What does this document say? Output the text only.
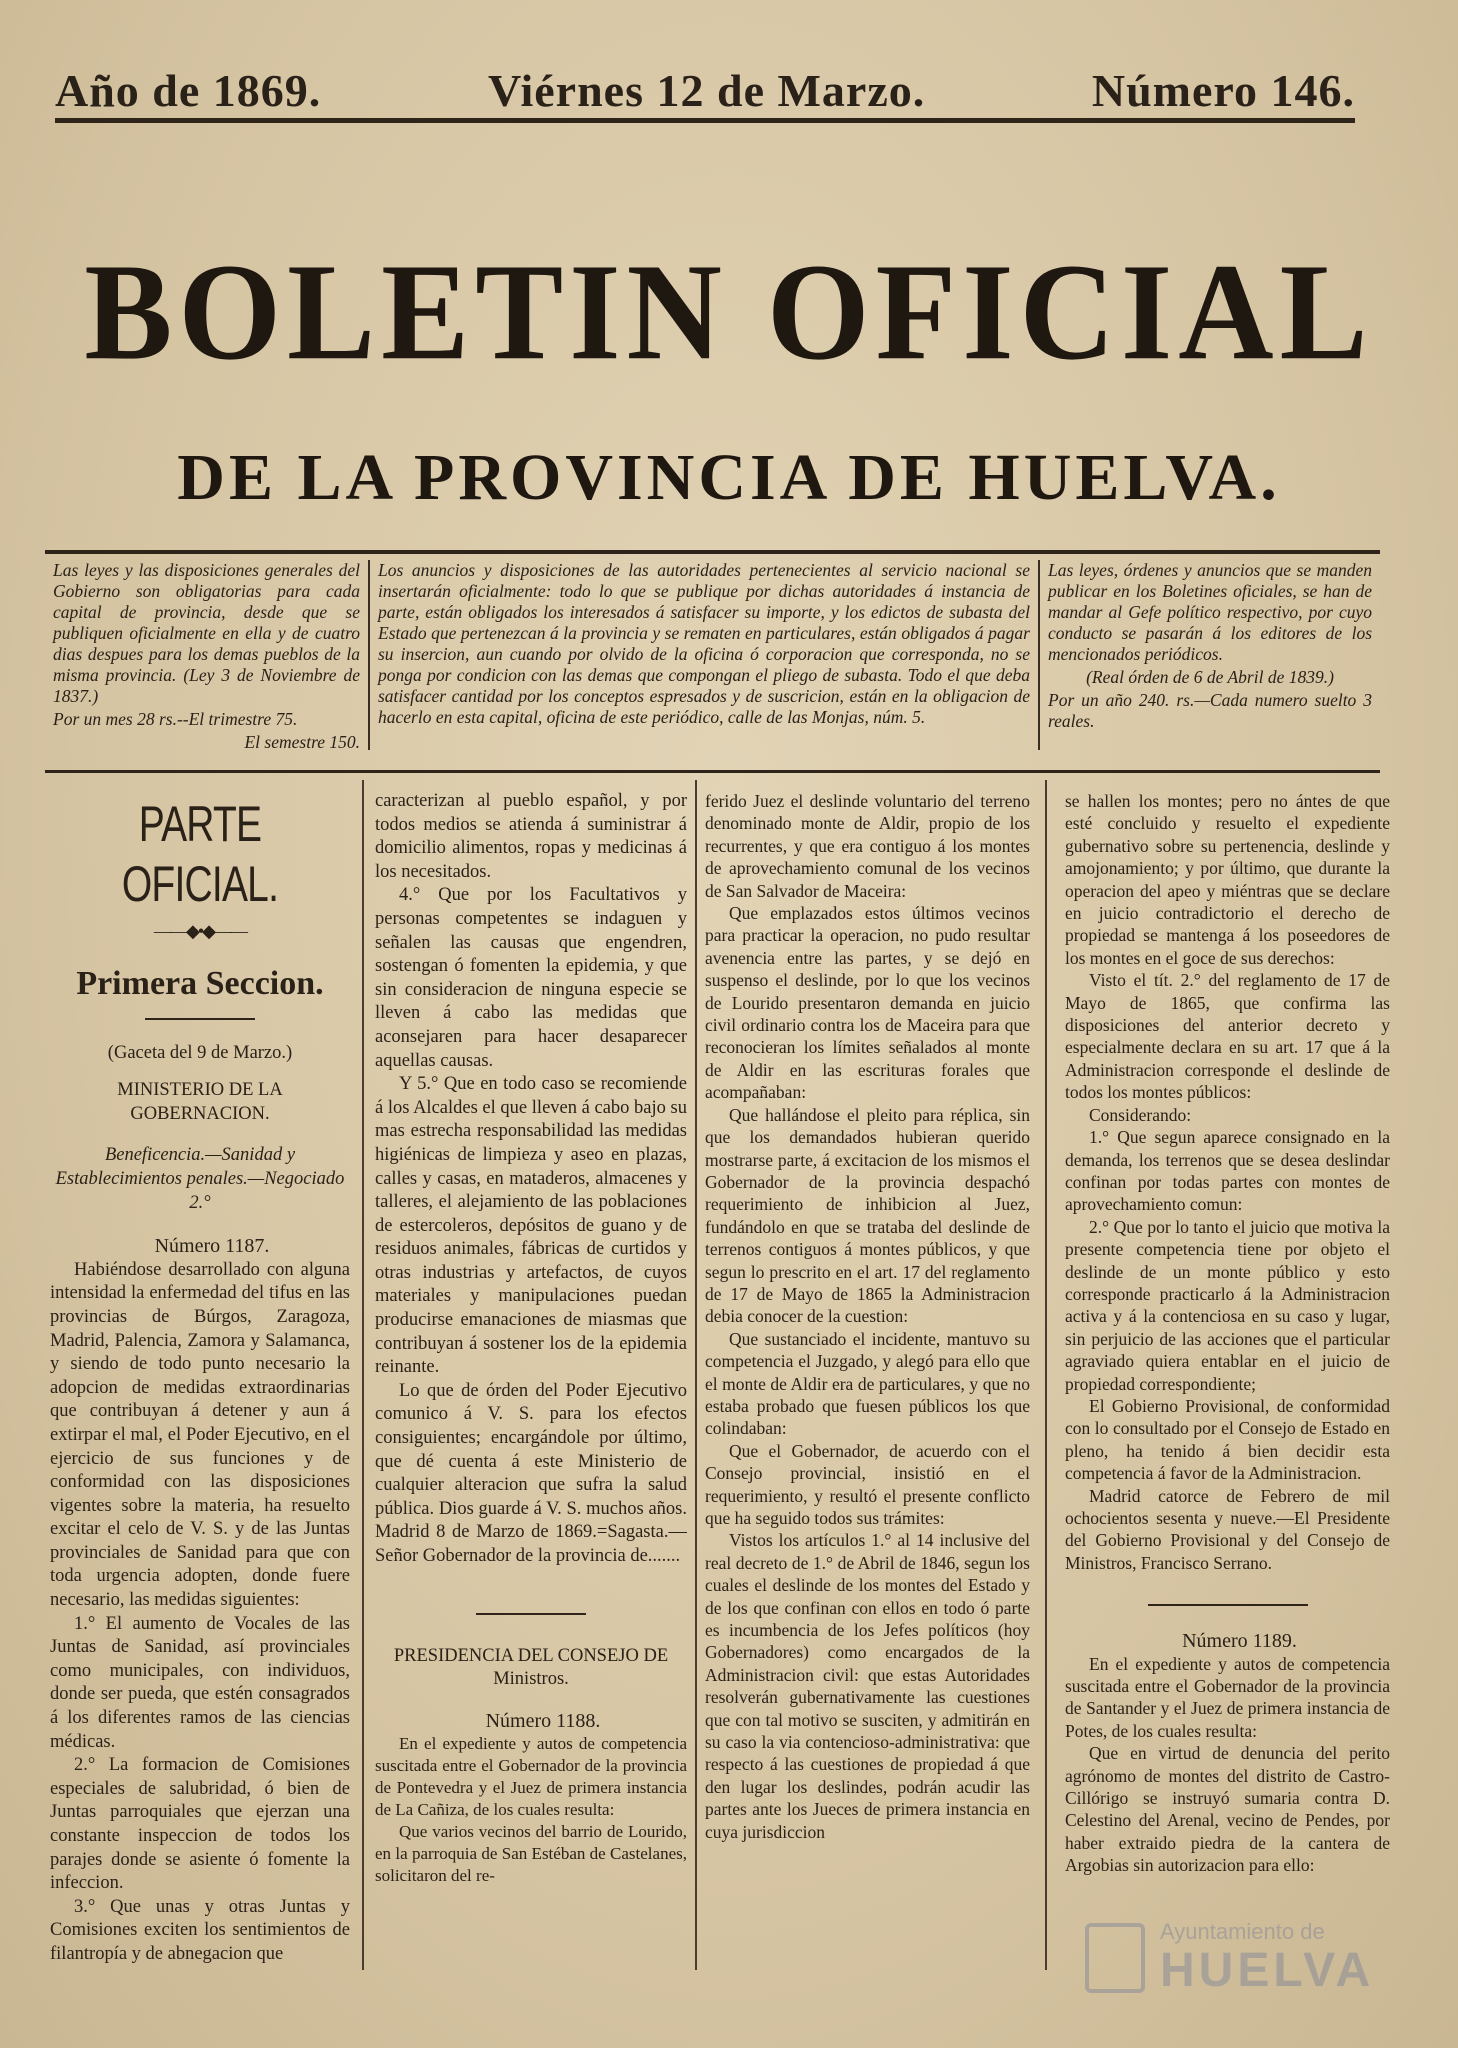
Año de 1869.	Viérnes 12 de Marzo.	Número 146.
BOLETIN OFICIAL
DE LA PROVINCIA DE HUELVA.

Las leyes y las disposiciones generales del Gobierno son obligatorias para cada capital de provincia, desde que se publiquen oficialmente en ella y de cuatro dias despues para los demas pueblos de la misma provincia. (Ley 3 de Noviembre de 1837.)

Por un mes 28 rs.--El trimestre 75.

El semestre 150.

Los anuncios y disposiciones de las autoridades pertenecientes al servicio nacional se insertarán oficialmente: todo lo que se publique por dichas autoridades á instancia de parte, están obligados los interesados á satisfacer su importe, y los edictos de subasta del Estado que pertenezcan á la provincia y se rematen en particulares, están obligados á pagar su insercion, aun cuando por olvido de la oficina ó corporacion que corresponda, no se ponga por condicion con las demas que compongan el pliego de subasta. Todo el que deba satisfacer cantidad por los conceptos espresados y de suscricion, están en la obligacion de hacerlo en esta capital, oficina de este periódico, calle de las Monjas, núm. 5.

Las leyes, órdenes y anuncios que se manden publicar en los Boletines oficiales, se han de mandar al Gefe político respectivo, por cuyo conducto se pasarán á los editores de los mencionados periódicos.

(Real órden de 6 de Abril de 1839.)

Por un año 240. rs.—Cada numero suelto 3 reales.

PARTE OFICIAL.
——◆•◆——
Primera Seccion.

(Gaceta del 9 de Marzo.)

MINISTERIO DE LA GOBERNACION.

Beneficencia.—Sanidad y Establecimientos penales.—Negociado 2.°

Número 1187.

Habiéndose desarrollado con alguna intensidad la enfermedad del tifus en las provincias de Búrgos, Zaragoza, Madrid, Palencia, Zamora y Salamanca, y siendo de todo punto necesario la adopcion de medidas extraordinarias que contribuyan á detener y aun á extirpar el mal, el Poder Ejecutivo, en el ejercicio de sus funciones y de conformidad con las disposiciones vigentes sobre la materia, ha resuelto excitar el celo de V. S. y de las Juntas provinciales de Sanidad para que con toda urgencia adopten, donde fuere necesario, las medidas siguientes:

1.° El aumento de Vocales de las Juntas de Sanidad, así provinciales como municipales, con individuos, donde ser pueda, que estén consagrados á los diferentes ramos de las ciencias médicas.

2.° La formacion de Comisiones especiales de salubridad, ó bien de Juntas parroquiales que ejerzan una constante inspeccion de todos los parajes donde se asiente ó fomente la infeccion.

3.° Que unas y otras Juntas y Comisiones exciten los sentimientos de filantropía y de abnegacion que

caracterizan al pueblo español, y por todos medios se atienda á suministrar á domicilio alimentos, ropas y medicinas á los necesitados.

4.° Que por los Facultativos y personas competentes se indaguen y señalen las causas que engendren, sostengan ó fomenten la epidemia, y que sin consideracion de ninguna especie se lleven á cabo las medidas que aconsejaren para hacer desaparecer aquellas causas.

Y 5.° Que en todo caso se recomiende á los Alcaldes el que lleven á cabo bajo su mas estrecha responsabilidad las medidas higiénicas de limpieza y aseo en plazas, calles y casas, en mataderos, almacenes y talleres, el alejamiento de las poblaciones de estercoleros, depósitos de guano y de residuos animales, fábricas de curtidos y otras industrias y artefactos, de cuyos materiales y manipulaciones puedan producirse emanaciones de miasmas que contribuyan á sostener los de la epidemia reinante.

Lo que de órden del Poder Ejecutivo comunico á V. S. para los efectos consiguientes; encargándole por último, que dé cuenta á este Ministerio de cualquier alteracion que sufra la salud pública. Dios guarde á V. S. muchos años. Madrid 8 de Marzo de 1869.=Sagasta.—Señor Gobernador de la provincia de.......

PRESIDENCIA DEL CONSEJO DE Ministros.

Número 1188.

En el expediente y autos de competencia suscitada entre el Gobernador de la provincia de Pontevedra y el Juez de primera instancia de La Cañiza, de los cuales resulta:

Que varios vecinos del barrio de Lourido, en la parroquia de San Estéban de Castelanes, solicitaron del re-

ferido Juez el deslinde voluntario del terreno denominado monte de Aldir, propio de los recurrentes, y que era contiguo á los montes de aprovechamiento comunal de los vecinos de San Salvador de Maceira:

Que emplazados estos últimos vecinos para practicar la operacion, no pudo resultar avenencia entre las partes, y se dejó en suspenso el deslinde, por lo que los vecinos de Lourido presentaron demanda en juicio civil ordinario contra los de Maceira para que reconocieran los límites señalados al monte de Aldir en las escrituras forales que acompañaban:

Que hallándose el pleito para réplica, sin que los demandados hubieran querido mostrarse parte, á excitacion de los mismos el Gobernador de la provincia despachó requerimiento de inhibicion al Juez, fundándolo en que se trataba del deslinde de terrenos contiguos á montes públicos, y que segun lo prescrito en el art. 17 del reglamento de 17 de Mayo de 1865 la Administracion debia conocer de la cuestion:

Que sustanciado el incidente, mantuvo su competencia el Juzgado, y alegó para ello que el monte de Aldir era de particulares, y que no estaba probado que fuesen públicos los que colindaban:

Que el Gobernador, de acuerdo con el Consejo provincial, insistió en el requerimiento, y resultó el presente conflicto que ha seguido todos sus trámites:

Vistos los artículos 1.° al 14 inclusive del real decreto de 1.° de Abril de 1846, segun los cuales el deslinde de los montes del Estado y de los que confinan con ellos en todo ó parte es incumbencia de los Jefes políticos (hoy Gobernadores) como encargados de la Administracion civil: que estas Autoridades resolverán gubernativamente las cuestiones que con tal motivo se susciten, y admitirán en su caso la via contencioso-administrativa: que respecto á las cuestiones de propiedad á que den lugar los deslindes, podrán acudir las partes ante los Jueces de primera instancia en cuya jurisdiccion

se hallen los montes; pero no ántes de que esté concluido y resuelto el expediente gubernativo sobre su pertenencia, deslinde y amojonamiento; y por último, que durante la operacion del apeo y miéntras que se declare en juicio contradictorio el derecho de propiedad se mantenga á los poseedores de los montes en el goce de sus derechos:

Visto el tít. 2.° del reglamento de 17 de Mayo de 1865, que confirma las disposiciones del anterior decreto y especialmente declara en su art. 17 que á la Administracion corresponde el deslinde de todos los montes públicos:

Considerando:

1.° Que segun aparece consignado en la demanda, los terrenos que se desea deslindar confinan por todas partes con montes de aprovechamiento comun:

2.° Que por lo tanto el juicio que motiva la presente competencia tiene por objeto el deslinde de un monte público y esto corresponde practicarlo á la Administracion activa y á la contenciosa en su caso y lugar, sin perjuicio de las acciones que el particular agraviado quiera entablar en el juicio de propiedad correspondiente;

El Gobierno Provisional, de conformidad con lo consultado por el Consejo de Estado en pleno, ha tenido á bien decidir esta competencia á favor de la Administracion.

Madrid catorce de Febrero de mil ochocientos sesenta y nueve.—El Presidente del Gobierno Provisional y del Consejo de Ministros, Francisco Serrano.

Número 1189.

En el expediente y autos de competencia suscitada entre el Gobernador de la provincia de Santander y el Juez de primera instancia de Potes, de los cuales resulta:

Que en virtud de denuncia del perito agrónomo de montes del distrito de Castro-Cillórigo se instruyó sumaria contra D. Celestino del Arenal, vecino de Pendes, por haber extraido piedra de la cantera de Argobias sin autorizacion para ello:

Ayuntamiento de
HUELVA
